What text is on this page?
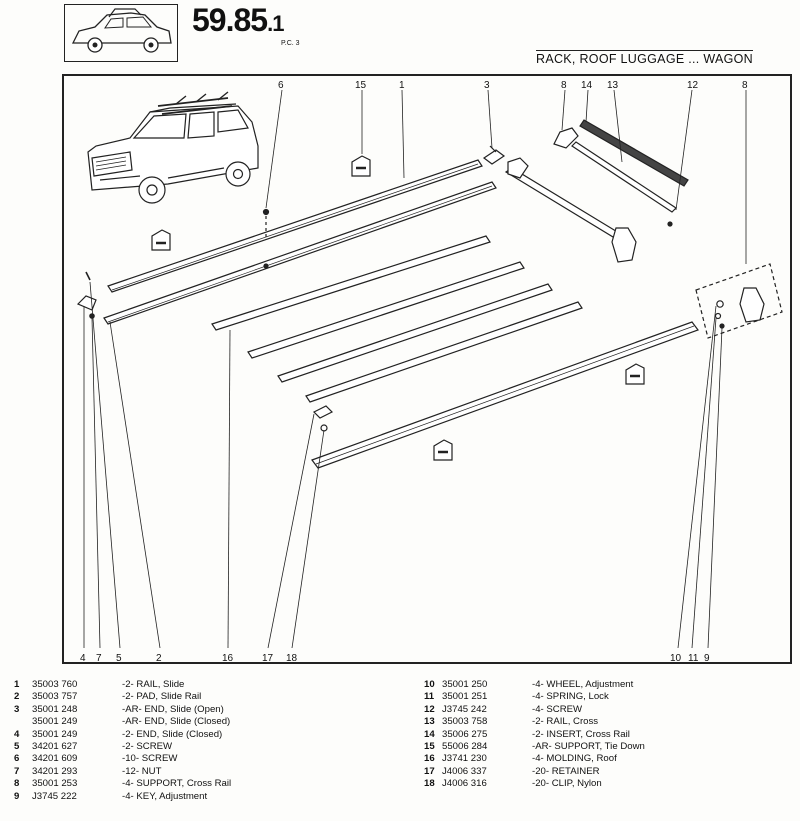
59.85.1
P.C. 3
RACK, ROOF LUGGAGE ... WAGON
6	15	1	3	8 14 13	12	8
4 7 5	2	16	17 18	10 11 9
1	35003 760	-2- RAIL, Slide
2	35003 757	-2- PAD, Slide Rail
3	35001 248	-AR- END, Slide (Open)
35001 249	-AR- END, Slide (Closed)
4	35001 249	-2- END, Slide (Closed)
5	34201 627	-2- SCREW
6	34201 609	-10- SCREW
7	34201 293	-12- NUT
8	35001 253	-4- SUPPORT, Cross Rail
9	J3745 222	-4- KEY, Adjustment
10 35001 250	-4- WHEEL, Adjustment
11 35001 251	-4- SPRING, Lock
12 J3745 242	-4- SCREW
13 35003 758	-2- RAIL, Cross
14 35006 275	-2- INSERT, Cross Rail
15 55006 284	-AR- SUPPORT, Tie Down
16 J3741 230	-4- MOLDING, Roof
17 J4006 337	-20- RETAINER
18 J4006 316	-20- CLIP, Nylon
